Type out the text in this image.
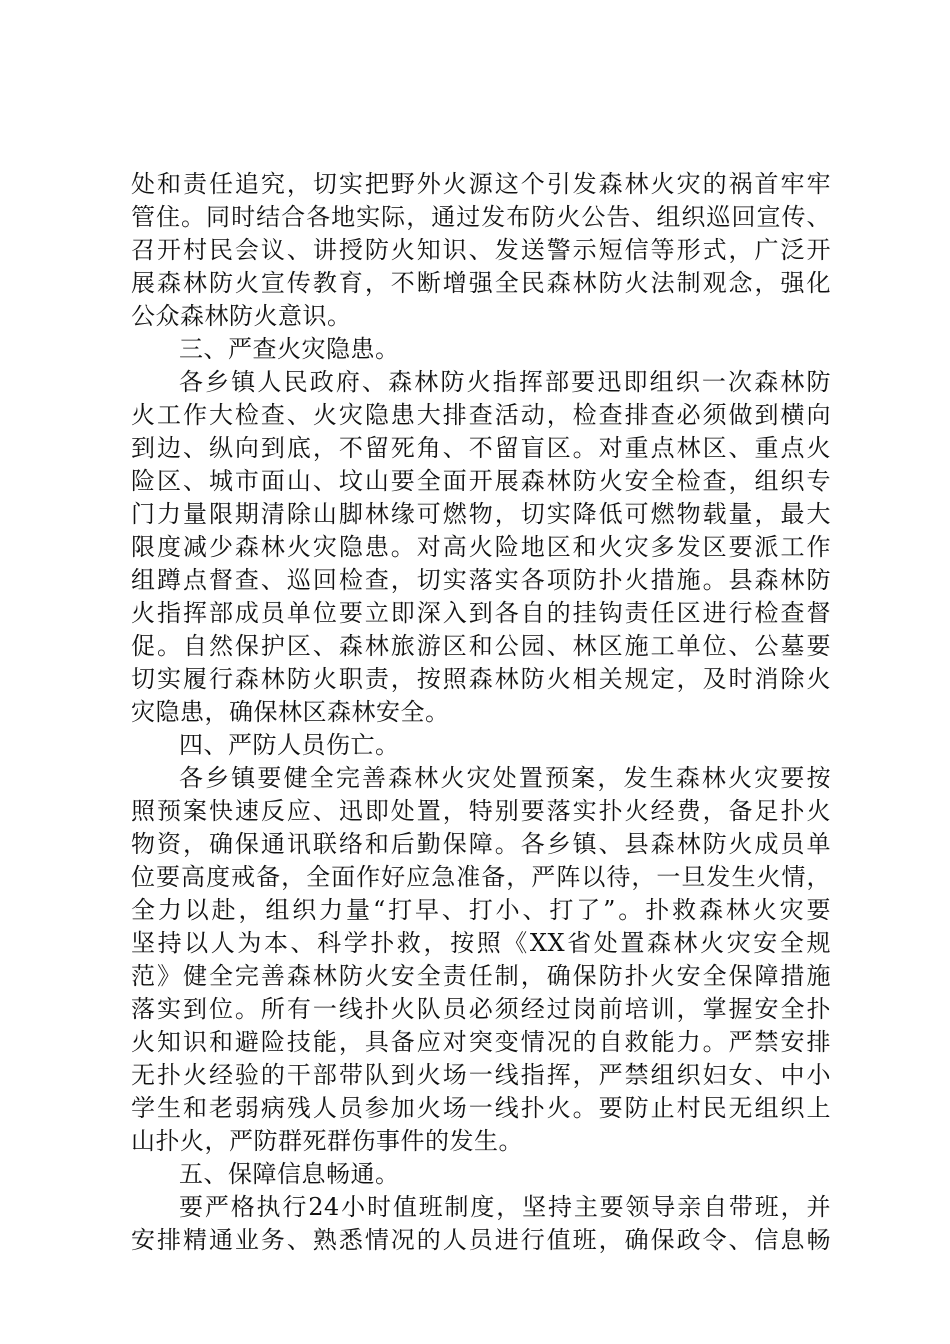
处和责任追究，切实把野外火源这个引发森林火灾的祸首牢牢
管住。同时结合各地实际，通过发布防火公告、组织巡回宣传、
召开村民会议、讲授防火知识、发送警示短信等形式，广泛开
展森林防火宣传教育，不断增强全民森林防火法制观念，强化
公众森林防火意识。
三、严查火灾隐患。
各乡镇人民政府、森林防火指挥部要迅即组织一次森林防
火工作大检查、火灾隐患大排查活动，检查排查必须做到横向
到边、纵向到底，不留死角、不留盲区。对重点林区、重点火
险区、城市面山、坟山要全面开展森林防火安全检查，组织专
门力量限期清除山脚林缘可燃物，切实降低可燃物载量，最大
限度减少森林火灾隐患。对高火险地区和火灾多发区要派工作
组蹲点督查、巡回检查，切实落实各项防扑火措施。县森林防
火指挥部成员单位要立即深入到各自的挂钩责任区进行检查督
促。自然保护区、森林旅游区和公园、林区施工单位、公墓要
切实履行森林防火职责，按照森林防火相关规定，及时消除火
灾隐患，确保林区森林安全。
四、严防人员伤亡。
各乡镇要健全完善森林火灾处置预案，发生森林火灾要按
照预案快速反应、迅即处置，特别要落实扑火经费，备足扑火
物资，确保通讯联络和后勤保障。各乡镇、县森林防火成员单
位要高度戒备，全面作好应急准备，严阵以待，一旦发生火情，
全力以赴，组织力量“打早、打小、打了”。扑救森林火灾要
坚持以人为本、科学扑救，按照《XX省处置森林火灾安全规
范》健全完善森林防火安全责任制，确保防扑火安全保障措施
落实到位。所有一线扑火队员必须经过岗前培训，掌握安全扑
火知识和避险技能，具备应对突变情况的自救能力。严禁安排
无扑火经验的干部带队到火场一线指挥，严禁组织妇女、中小
学生和老弱病残人员参加火场一线扑火。要防止村民无组织上
山扑火，严防群死群伤事件的发生。
五、保障信息畅通。
要严格执行24小时值班制度，坚持主要领导亲自带班，并
安排精通业务、熟悉情况的人员进行值班，确保政令、信息畅
